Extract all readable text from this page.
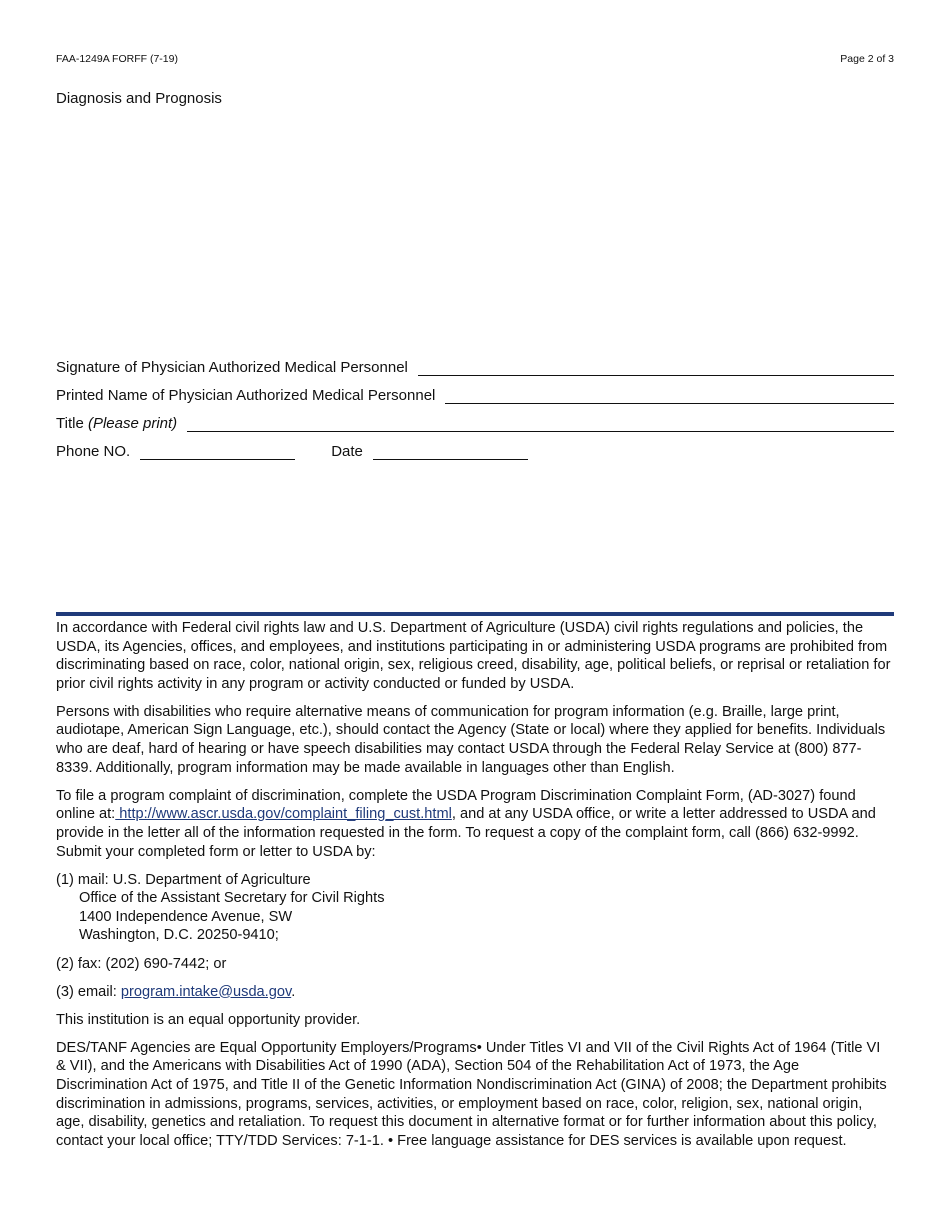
FAA-1249A FORFF (7-19)	Page 2 of 3
Diagnosis and Prognosis
Signature of Physician Authorized Medical Personnel
Printed Name of Physician Authorized Medical Personnel
Title (Please print)
Phone NO.	Date

In accordance with Federal civil rights law and U.S. Department of Agriculture (USDA) civil rights regulations and policies, the USDA, its Agencies, offices, and employees, and institutions participating in or administering USDA programs are prohibited from discriminating based on race, color, national origin, sex, religious creed, disability, age, political beliefs, or reprisal or retaliation for prior civil rights activity in any program or activity conducted or funded by USDA.

Persons with disabilities who require alternative means of communication for program information (e.g. Braille, large print, audiotape, American Sign Language, etc.), should contact the Agency (State or local) where they applied for benefits. Individuals who are deaf, hard of hearing or have speech disabilities may contact USDA through the Federal Relay Service at (800) 877-8339. Additionally, program information may be made available in languages other than English.

To file a program complaint of discrimination, complete the USDA Program Discrimination Complaint Form, (AD-3027) found online at: http://www.ascr.usda.gov/complaint_filing_cust.html, and at any USDA office, or write a letter addressed to USDA and provide in the letter all of the information requested in the form. To request a copy of the complaint form, call (866) 632-9992. Submit your completed form or letter to USDA by:

(1) mail: U.S. Department of Agriculture
Office of the Assistant Secretary for Civil Rights
1400 Independence Avenue, SW
Washington, D.C. 20250-9410;

(2) fax: (202) 690-7442; or

(3) email: program.intake@usda.gov.

This institution is an equal opportunity provider.

DES/TANF Agencies are Equal Opportunity Employers/Programs• Under Titles VI and VII of the Civil Rights Act of 1964 (Title VI & VII), and the Americans with Disabilities Act of 1990 (ADA), Section 504 of the Rehabilitation Act of 1973, the Age Discrimination Act of 1975, and Title II of the Genetic Information Nondiscrimination Act (GINA) of 2008; the Department prohibits discrimination in admissions, programs, services, activities, or employment based on race, color, religion, sex, national origin, age, disability, genetics and retaliation. To request this document in alternative format or for further information about this policy, contact your local office; TTY/TDD Services: 7-1-1. • Free language assistance for DES services is available upon request.
